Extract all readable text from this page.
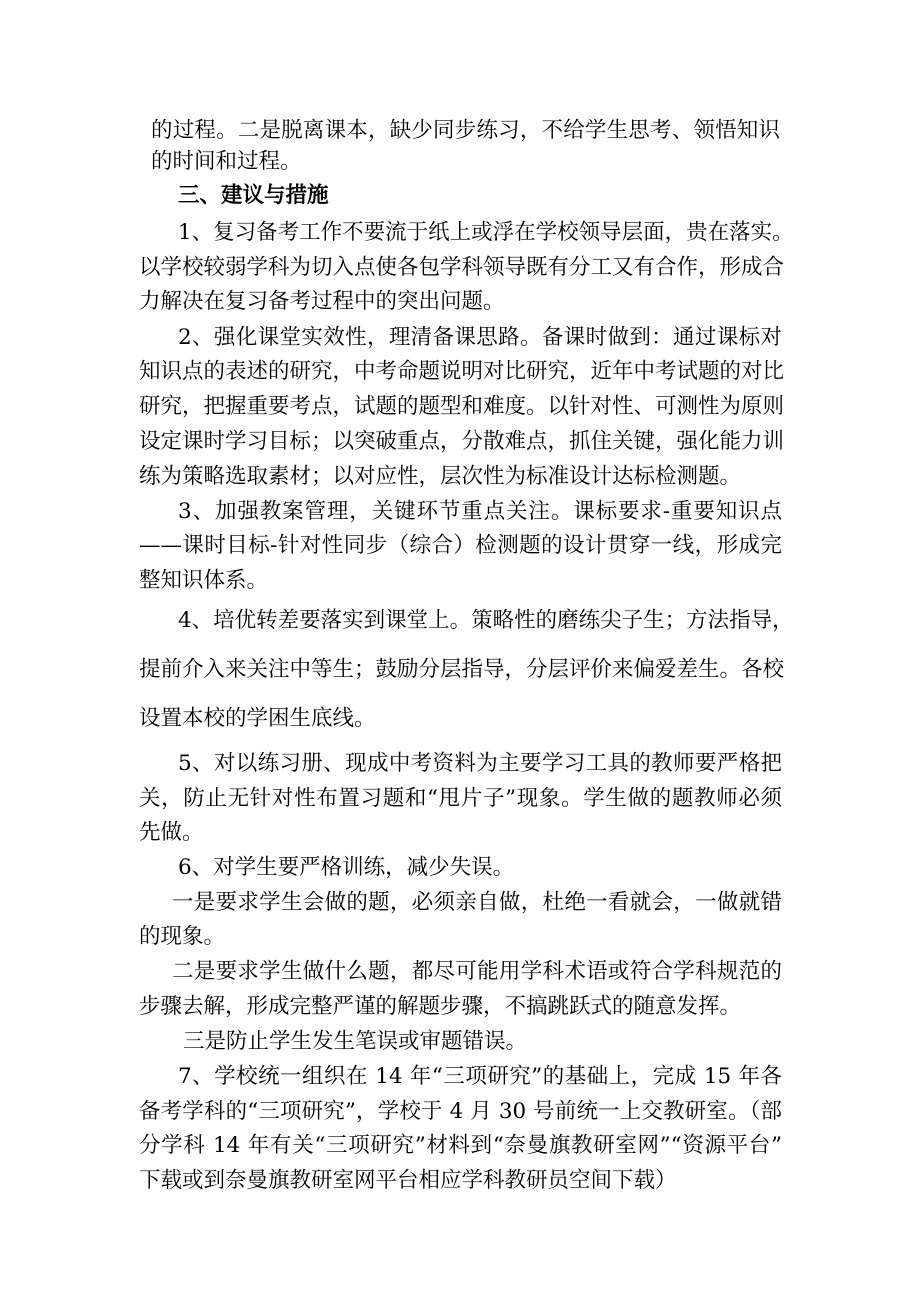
的过程。二是脱离课本，缺少同步练习，不给学生思考、领悟知识
的时间和过程。
三、建议与措施
1、复习备考工作不要流于纸上或浮在学校领导层面，贵在落实。
以学校较弱学科为切入点使各包学科领导既有分工又有合作，形成合
力解决在复习备考过程中的突出问题。
2、强化课堂实效性，理清备课思路。备课时做到：通过课标对
知识点的表述的研究，中考命题说明对比研究，近年中考试题的对比
研究，把握重要考点，试题的题型和难度。以针对性、可测性为原则
设定课时学习目标；以突破重点，分散难点，抓住关键，强化能力训
练为策略选取素材；以对应性，层次性为标准设计达标检测题。
3、加强教案管理，关键环节重点关注。课标要求-重要知识点
——课时目标-针对性同步（综合）检测题的设计贯穿一线，形成完
整知识体系。
4、培优转差要落实到课堂上。策略性的磨练尖子生；方法指导，
提前介入来关注中等生；鼓励分层指导，分层评价来偏爱差生。各校
设置本校的学困生底线。
5、对以练习册、现成中考资料为主要学习工具的教师要严格把
关，防止无针对性布置习题和“甩片子”现象。学生做的题教师必须
先做。
6、对学生要严格训练，减少失误。
一是要求学生会做的题，必须亲自做，杜绝一看就会，一做就错
的现象。
二是要求学生做什么题，都尽可能用学科术语或符合学科规范的
步骤去解，形成完整严谨的解题步骤，不搞跳跃式的随意发挥。
三是防止学生发生笔误或审题错误。
7、学校统一组织在 14 年“三项研究”的基础上，完成 15 年各
备考学科的“三项研究”，学校于 4 月 30 号前统一上交教研室。（部
分学科 14 年有关“三项研究”材料到“奈曼旗教研室网”“资源平台”
下载或到奈曼旗教研室网平台相应学科教研员空间下载）
